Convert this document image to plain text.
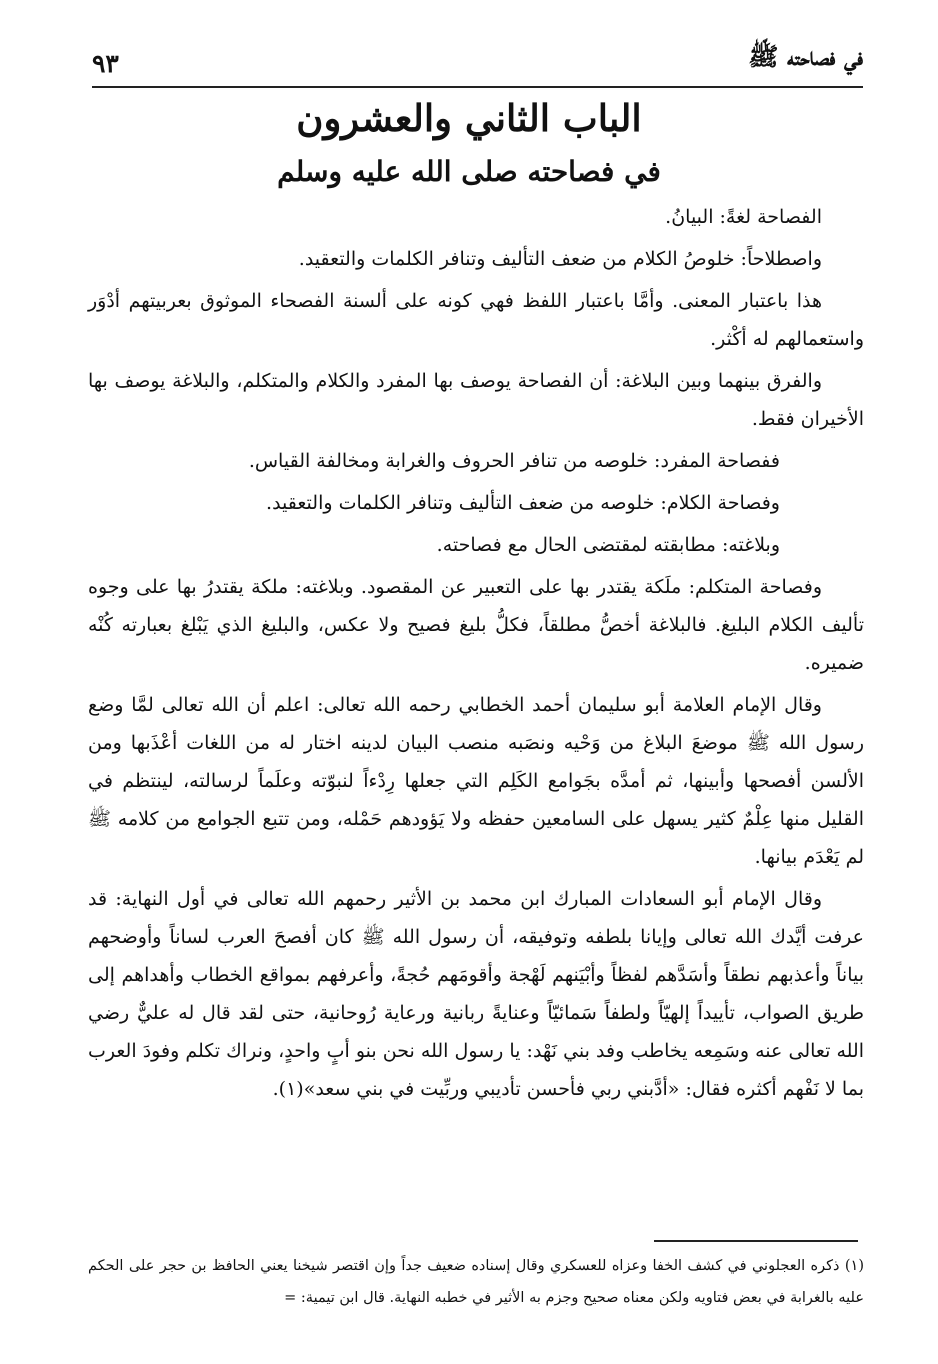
في فصاحته ﷺ
٩٣
الباب الثاني والعشرون
في فصاحته صلى الله عليه وسلم

الفصاحة لغةً: البيانُ.

واصطلاحاً: خلوصُ الكلام من ضعف التأليف وتنافر الكلمات والتعقيد.

هذا باعتبار المعنى. وأمَّا باعتبار اللفظ فهي كونه على ألسنة الفصحاء الموثوق بعربيتهم أدْوَر واستعمالهم له أكْثر.

والفرق بينهما وبين البلاغة: أن الفصاحة يوصف بها المفرد والكلام والمتكلم، والبلاغة يوصف بها الأخيران فقط.

ففصاحة المفرد: خلوصه من تنافر الحروف والغرابة ومخالفة القياس.

وفصاحة الكلام: خلوصه من ضعف التأليف وتنافر الكلمات والتعقيد.

وبلاغته: مطابقته لمقتضى الحال مع فصاحته.

وفصاحة المتكلم: ملَكة يقتدر بها على التعبير عن المقصود. وبلاغته: ملكة يقتدرُ بها على وجوه تأليف الكلام البليغ. فالبلاغة أخصُّ مطلقاً، فكلُّ بليغ فصيح ولا عكس، والبليغ الذي يَبْلغ بعبارته كُنْه ضميره.

وقال الإمام العلامة أبو سليمان أحمد الخطابي رحمه الله تعالى: اعلم أن الله تعالى لمَّا وضع رسول الله ﷺ موضعَ البلاغ من وَحْيه ونصَبه منصب البيان لدينه اختار له من اللغات أعْذَبها ومن الألسن أفصحها وأبينها، ثم أمدَّه بجَوامع الكَلِم التي جعلها رِدْءاً لنبوّته وعلَماً لرسالته، لينتظم في القليل منها عِلْمٌ كثير يسهل على السامعين حفظه ولا يَؤودهم حَمْله، ومن تتبع الجوامع من كلامه ﷺ لم يَعْدَم بيانها.

وقال الإمام أبو السعادات المبارك ابن محمد بن الأثير رحمهم الله تعالى في أول النهاية: قد عرفت أيَّدك الله تعالى وإيانا بلطفه وتوفيقه، أن رسول الله ﷺ كان أفصحَ العرب لساناً وأوضحهم بياناً وأعذبهم نطقاً وأسَدَّهم لفظاً وأبْيَنهم لَهْجة وأقومَهم حُجةً، وأعرفهم بمواقع الخطاب وأهداهم إلى طريق الصواب، تأييداً إلهيّاً ولطفاً سَمائيّاً وعنايةً ربانية ورعاية رُوحانية، حتى لقد قال له عليٌّ رضي الله تعالى عنه وسَمِعه يخاطب وفد بني نَهْد: يا رسول الله نحن بنو أبٍ واحدٍ، ونراك تكلم وفودَ العرب بما لا نَفْهم أكثره فقال: «أدَّبني ربي فأحسن تأديبي وربِّيت في بني سعد»(١).

(١) ذكره العجلوني في كشف الخفا وعزاه للعسكري وقال إسناده ضعيف جداً وإن اقتصر شيخنا يعني الحافظ بن حجر على الحكم عليه بالغرابة في بعض فتاويه ولكن معناه صحيح وجزم به الأثير في خطبه النهاية. قال ابن تيمية: =
